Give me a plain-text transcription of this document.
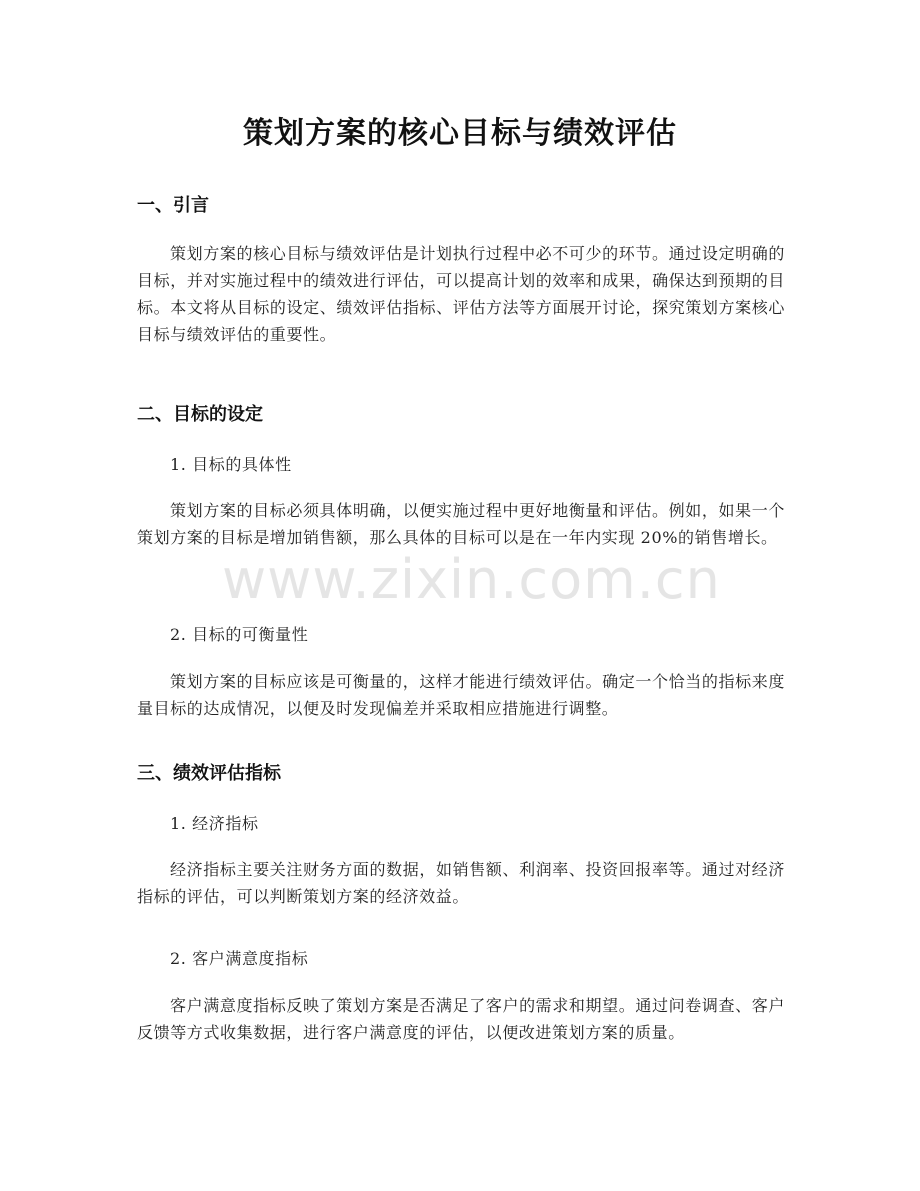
策划方案的核心目标与绩效评估
一、引言
策划方案的核心目标与绩效评估是计划执行过程中必不可少的环节。通过设定明确的目标，并对实施过程中的绩效进行评估，可以提高计划的效率和成果，确保达到预期的目标。本文将从目标的设定、绩效评估指标、评估方法等方面展开讨论，探究策划方案核心目标与绩效评估的重要性。
二、目标的设定
1. 目标的具体性
策划方案的目标必须具体明确，以便实施过程中更好地衡量和评估。例如，如果一个策划方案的目标是增加销售额，那么具体的目标可以是在一年内实现 20%的销售增长。
2. 目标的可衡量性
策划方案的目标应该是可衡量的，这样才能进行绩效评估。确定一个恰当的指标来度量目标的达成情况，以便及时发现偏差并采取相应措施进行调整。
三、绩效评估指标
1. 经济指标
经济指标主要关注财务方面的数据，如销售额、利润率、投资回报率等。通过对经济指标的评估，可以判断策划方案的经济效益。
2. 客户满意度指标
客户满意度指标反映了策划方案是否满足了客户的需求和期望。通过问卷调查、客户反馈等方式收集数据，进行客户满意度的评估，以便改进策划方案的质量。
www.zixin.com.cn
